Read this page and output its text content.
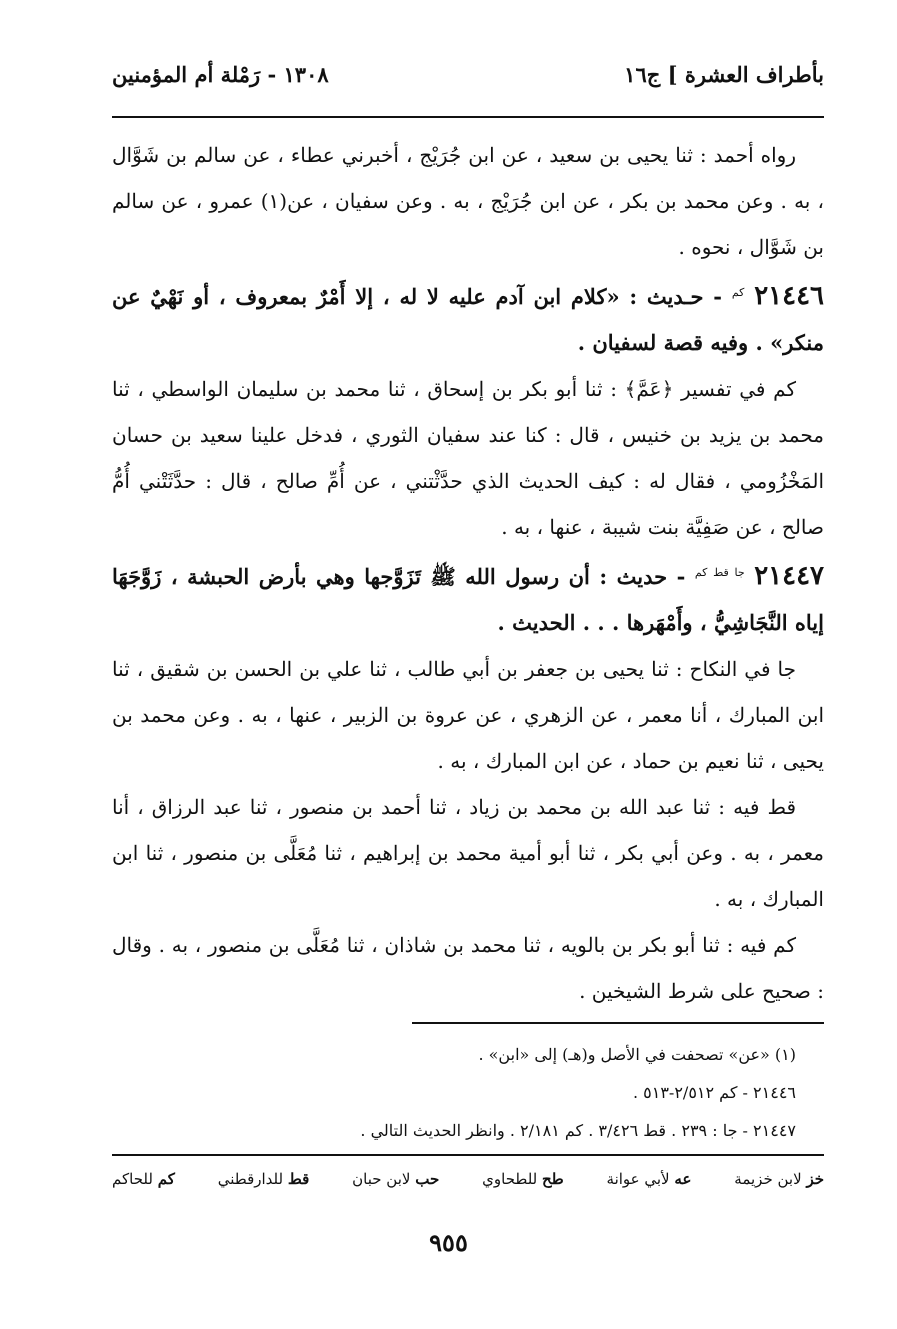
بأطراف العشرة ] ج١٦
١٣٠٨ - رَمْلة أم المؤمنين

رواه أحمد : ثنا يحيى بن سعيد ، عن ابن جُرَيْج ، أخبرني عطاء ، عن سالم بن شَوَّال ، به . وعن محمد بن بكر ، عن ابن جُرَيْج ، به . وعن سفيان ، عن(١) عمرو ، عن سالم بن شَوَّال ، نحوه .

٢١٤٤٦ $^{كم}$ - حـديث : «كلام ابن آدم عليه لا له ، إلا أَمْرٌ بمعروف ، أو نَهْيٌ عن منكر» . وفيه قصة لسفيان .

كم في تفسير ﴿عَمَّ﴾ : ثنا أبو بكر بن إسحاق ، ثنا محمد بن سليمان الواسطي ، ثنا محمد بن يزيد بن خنيس ، قال : كنا عند سفيان الثوري ، فدخل علينا سعيد بن حسان المَخْزُومي ، فقال له : كيف الحديث الذي حدَّثْتني ، عن أُمِّ صالح ، قال : حدَّثَتْني أُمُّ صالح ، عن صَفِيَّة بنت شيبة ، عنها ، به .

٢١٤٤٧ $^{جا قط كم}$ - حديث : أن رسول الله ﷺ تَزَوَّجها وهي بأرض الحبشة ، زَوَّجَهَا إياه النَّجَاشِيُّ ، وأَمْهَرها . . . الحديث .

جا في النكاح : ثنا يحيى بن جعفر بن أبي طالب ، ثنا علي بن الحسن بن شقيق ، ثنا ابن المبارك ، أنا معمر ، عن الزهري ، عن عروة بن الزبير ، عنها ، به . وعن محمد بن يحيى ، ثنا نعيم بن حماد ، عن ابن المبارك ، به .

قط فيه : ثنا عبد الله بن محمد بن زياد ، ثنا أحمد بن منصور ، ثنا عبد الرزاق ، أنا معمر ، به . وعن أبي بكر ، ثنا أبو أمية محمد بن إبراهيم ، ثنا مُعَلَّى بن منصور ، ثنا ابن المبارك ، به .

كم فيه : ثنا أبو بكر بن بالويه ، ثنا محمد بن شاذان ، ثنا مُعَلَّى بن منصور ، به . وقال : صحيح على شرط الشيخين .

(١) «عن» تصحفت في الأصل و(هـ) إلى «ابن» .

٢١٤٤٦ - كم ٢/٥١٢-٥١٣ .

٢١٤٤٧ - جا : ٢٣٩ . قط ٣/٤٢٦ . كم ٢/١٨١ . وانظر الحديث التالي .

خز لابن خزيمة
عه لأبي عوانة
طح للطحاوي
حب لابن حبان
قط للدارقطني
كم للحاكم
٩٥٥
